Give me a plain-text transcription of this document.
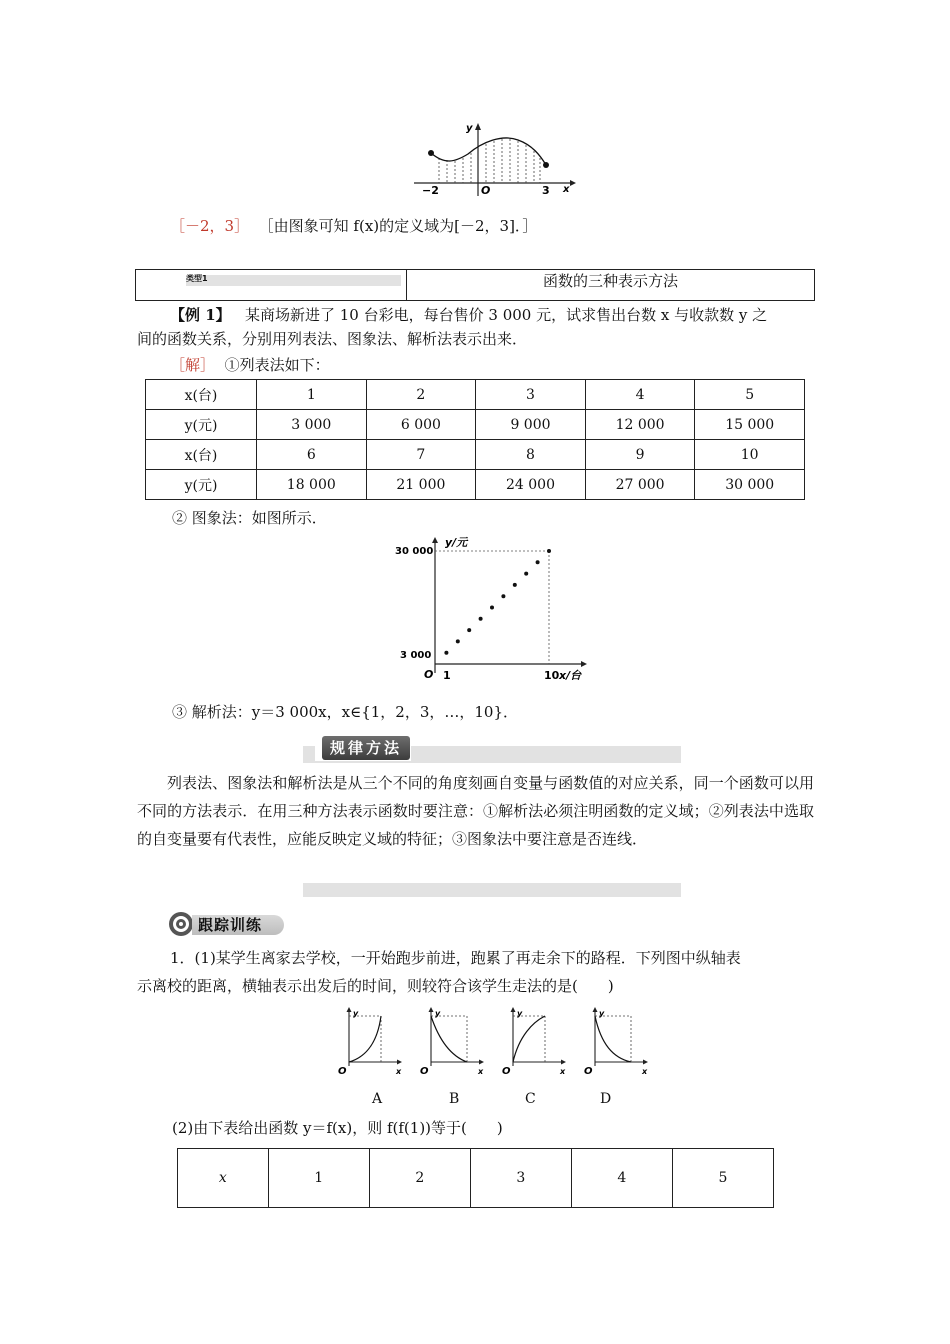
y
x
O
−2	3
［－2，3］ ［由图象可知 f(x)的定义域为[－2，3]．］
类型1	函数的三种表示方法
【例 1】 某商场新进了 10 台彩电，每台售价 3 000 元，试求售出台数 x 与收款数 y 之
间的函数关系，分别用列表法、图象法、解析法表示出来．
［解］ ①列表法如下：
x(台)	1	2	3	4	5
y(元)	3 000	6 000	9 000	12 000	15 000
x(台)	6	7	8	9	10
y(元)	18 000	21 000	24 000	27 000	30 000
② 图象法：如图所示．
y/元
30 000
3 000
O 1	10 x/台
③ 解析法：y＝3 000x，x∈{1，2，3，…，10}．
规律方法
列表法、图象法和解析法是从三个不同的角度刻画自变量与函数值的对应关系，同一个函数可以用不同的方法表示．在用三种方法表示函数时要注意：①解析法必须注明函数的定义域；②列表法中选取的自变量要有代表性，应能反映定义域的特征；③图象法中要注意是否连线．
跟踪训练
1．(1)某学生离家去学校，一开始跑步前进，跑累了再走余下的路程．下列图中纵轴表
示离校的距离，横轴表示出发后的时间，则较符合该学生走法的是(　　)
y
x
O
y
x
O
y
x
O
y
x
O
A	B	C	D
(2)由下表给出函数 y＝f(x)，则 f(f(1))等于(　　)
x	1	2	3	4	5
